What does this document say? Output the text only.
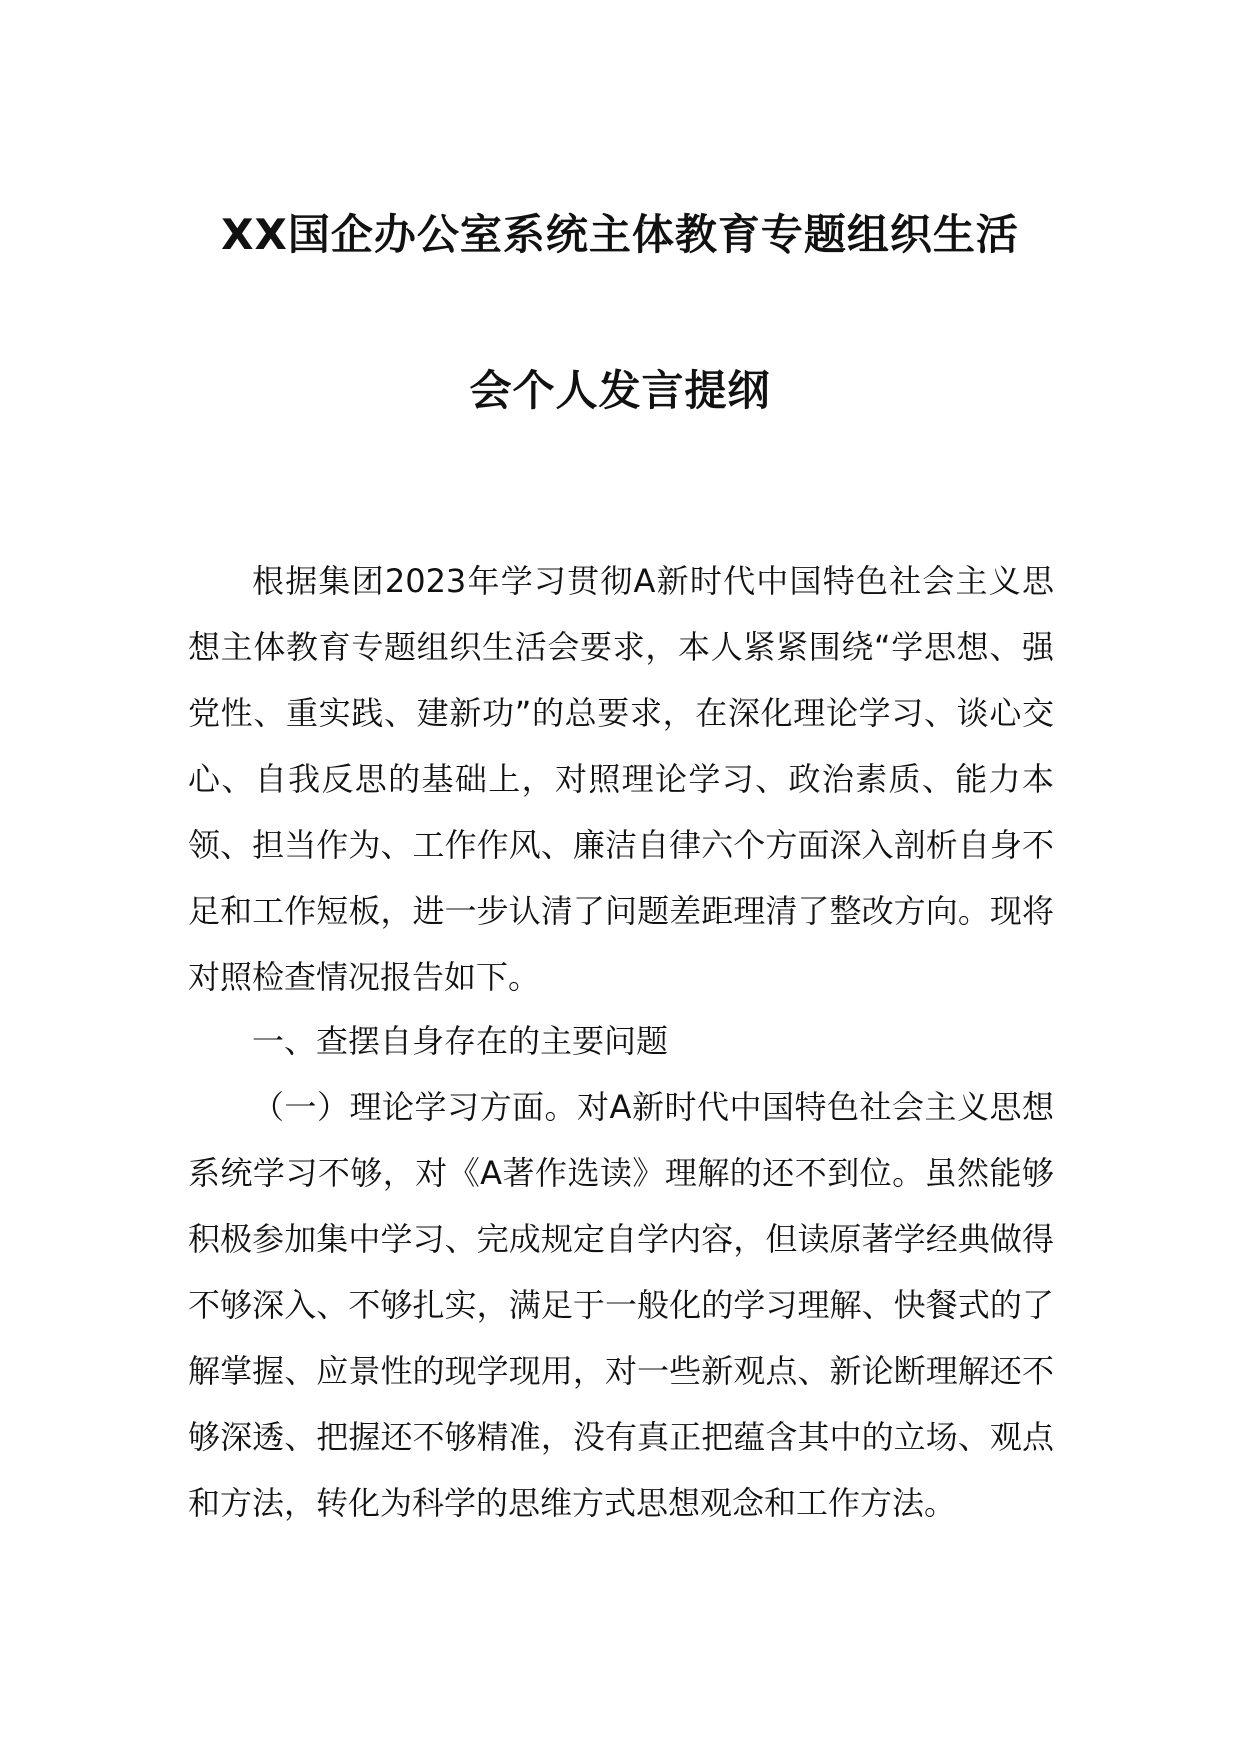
XX国企办公室系统主体教育专题组织生活
会个人发言提纲

根据集团2023年学习贯彻A新时代中国特色社会主义思想主体教育专题组织生活会要求，本人紧紧围绕“学思想、强党性、重实践、建新功”的总要求，在深化理论学习、谈心交心、自我反思的基础上，对照理论学习、政治素质、能力本领、担当作为、工作作风、廉洁自律六个方面深入剖析自身不足和工作短板，进一步认清了问题差距理清了整改方向。现将对照检查情况报告如下。

一、查摆自身存在的主要问题

（一）理论学习方面。对A新时代中国特色社会主义思想系统学习不够，对《A著作选读》理解的还不到位。虽然能够积极参加集中学习、完成规定自学内容，但读原著学经典做得不够深入、不够扎实，满足于一般化的学习理解、快餐式的了解掌握、应景性的现学现用，对一些新观点、新论断理解还不够深透、把握还不够精准，没有真正把蕴含其中的立场、观点和方法，转化为科学的思维方式思想观念和工作方法。
